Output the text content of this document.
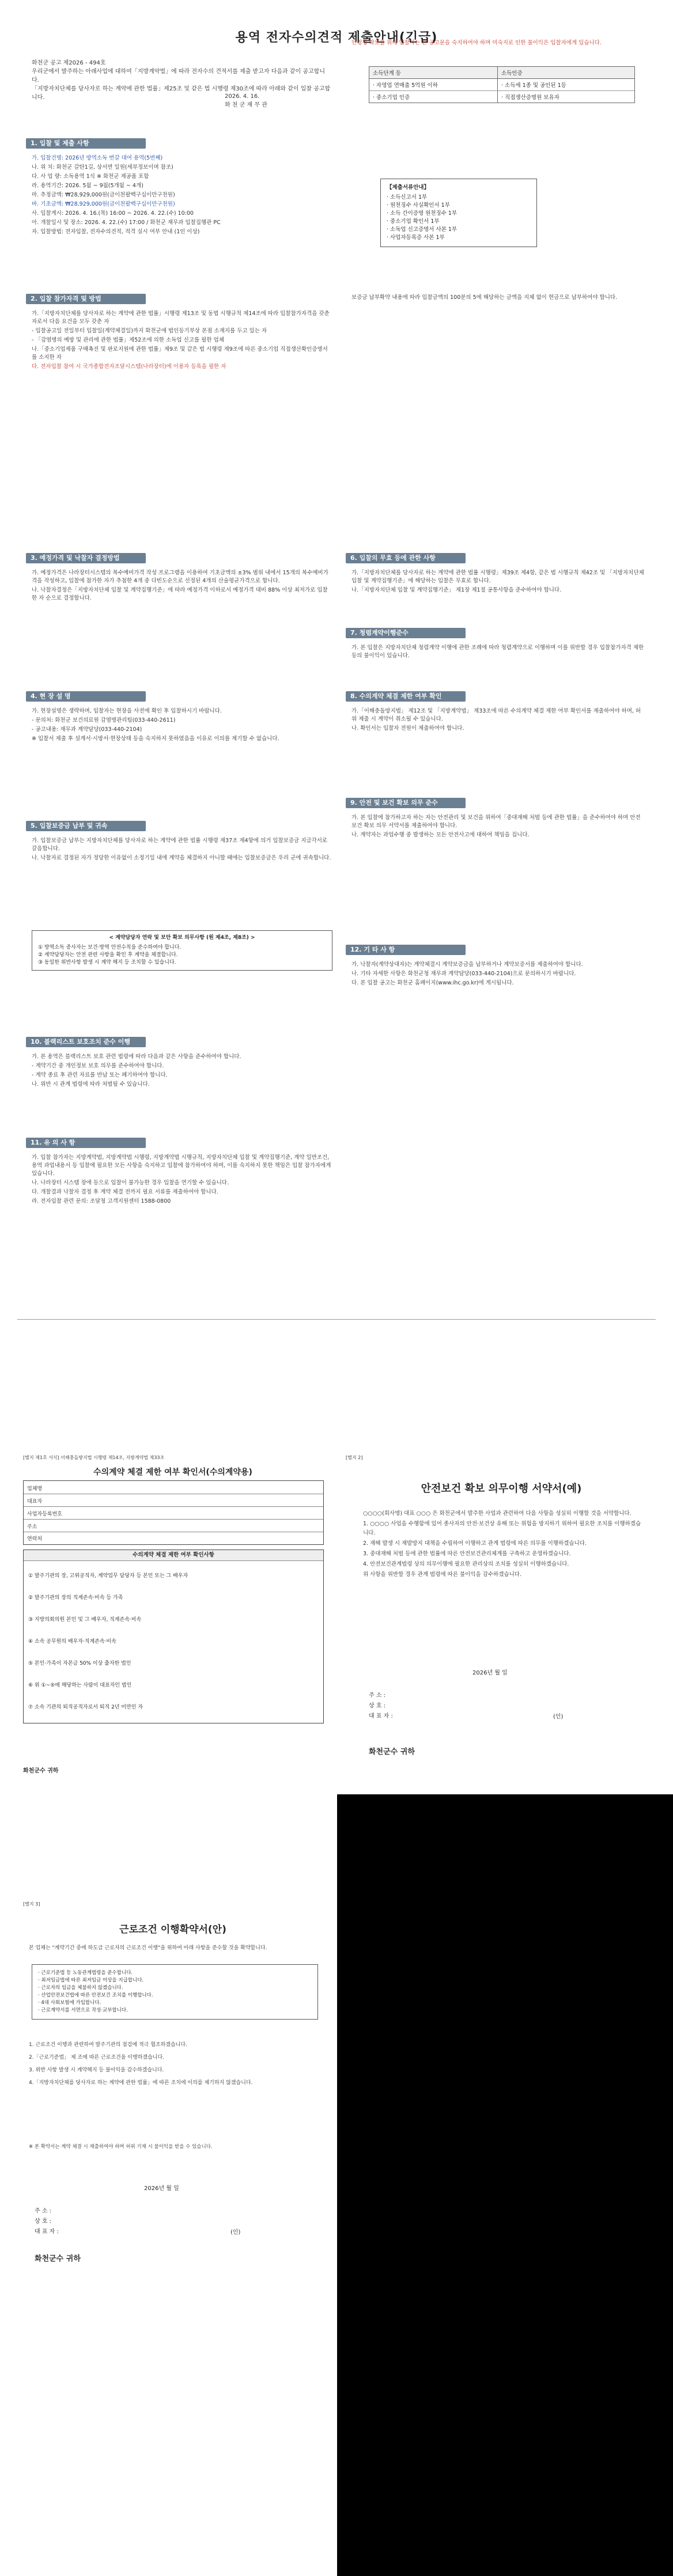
용역 전자수의견적 제출안내(긴급)
화천군 공고 제2026 - 494호
우리군에서 발주하는 아래사업에 대하여「지방계약법」에 따라 전자수의 견적서를 제출 받고자 다음과 같이 공고합니다.
「지방자치단체를 당사자로 하는 계약에 관한 법률」제25조 및 같은 법 시행령 제30조에 따라 아래와 같이 입찰 공고합니다.	2026. 4. 16.
화 천 군 재 무 관
1. 입찰 및 제출 사항

가. 입찰건명: 2026년 방역소독 번갈 대여 용역(5번째)

나. 위 치: 화천군 갈탄1길, 상서면 일원(세부정보이며 참조)

다. 사 업 량: 소독용역 1식 ※ 화천군 제공품 포함

라. 용역기간: 2026. 5월 ~ 9월(5개월 ~ 4개)

마. 추정금액: ₩28,929,000원(금이천팔백구십이만구천원)

바. 기초금액: ₩28,929,000원(금이천팔백구십이만구천원)

사. 입찰게시: 2026. 4. 16.(목) 16:00 ~ 2026. 4. 22.(수) 10:00

아. 개찰일시 및 장소: 2026. 4. 22.(수) 17:00 / 화천군 재무과 입찰집행관 PC

자. 입찰방법: 전자입찰, 전자수의견적, 적격 실시 여부 안내 (1인 이상)

2. 입찰 참가자격 및 방법

가.「지방자치단체를 당사자로 하는 계약에 관한 법률」시행령 제13조 및 동법 시행규칙 제14조에 따라 입찰참가자격을 갖춘 자로서 다음 요건을 모두 갖춘 자

- 입찰공고일 전일부터 입찰일(계약체결일)까지 화천군에 법인등기부상 본점 소재지를 두고 있는 자

- 「감염병의 예방 및 관리에 관한 법률」제52조에 의한 소독업 신고를 필한 업체

나.「중소기업제품 구매촉진 및 판로지원에 관한 법률」제9조 및 같은 법 시행령 제9조에 따른 중소기업 직접생산확인증명서를 소지한 자

다. 전자입찰 참여 시 국가종합전자조달시스템(나라장터)에 이용자 등록을 필한 자

안정성 확보를 위해 입찰자는 본 공고문을 숙지하여야 하며 미숙지로 인한 불이익은 입찰자에게 있습니다.

소득단계 등	소득인증
· 자영업 연매출 5억원 이하	· 소득세 1종 및 공인된 1등
· 중소기업 인증	· 직접생산증명원 보유자
【제출서류안내】
· 소득신고서 1부
· 원천징수 사실확인서 1부
· 소득 간이증명 원천징수 1부
· 중소기업 확인서 1부
· 소독업 신고증명서 사본 1부
· 사업자등록증 사본 1부

보증금 납부확약 내용에 따라 입찰금액의 100분의 5에 해당하는 금액을 지체 없이 현금으로 납부하여야 합니다.

3. 예정가격 및 낙찰자 결정방법

가. 예정가격은 나라장터시스템의 복수예비가격 작성 프로그램을 이용하여 기초금액의 ±3% 범위 내에서 15개의 복수예비가격을 작성하고, 입찰에 참가한 자가 추첨한 4개 중 다빈도순으로 선정된 4개의 산술평균가격으로 합니다.

나. 낙찰자결정은「지방자치단체 입찰 및 계약집행기준」에 따라 예정가격 이하로서 예정가격 대비 88% 이상 최저가로 입찰한 자 순으로 결정합니다.

4. 현 장 설 명

가. 현장설명은 생략하며, 입찰자는 현장을 사전에 확인 후 입찰하시기 바랍니다.

- 문의처: 화천군 보건의료원 감염병관리팀(033-440-2611)

- 공고내용: 재무과 계약담당(033-440-2104)

※ 입찰서 제출 후 설계서·시방서·현장상태 등을 숙지하지 못하였음을 이유로 이의를 제기할 수 없습니다.

5. 입찰보증금 납부 및 귀속

가. 입찰보증금 납부는 지방자치단체를 당사자로 하는 계약에 관한 법률 시행령 제37조 제4항에 의거 입찰보증금 지급각서로 갈음합니다.

나. 낙찰자로 결정된 자가 정당한 이유없이 소정기일 내에 계약을 체결하지 아니할 때에는 입찰보증금은 우리 군에 귀속합니다.

< 계약담당자 연락 및 보안 확보 의무사항 (원 제4조, 제8조) >
① 방역소독 종사자는 보건·방역 안전수칙을 준수하여야 합니다.
② 계약담당자는 안전 관련 사항을 확인 후 계약을 체결합니다.
③ 동일한 위반사항 발생 시 계약 해지 등 조치할 수 있습니다.
10. 블랙리스트 보호조치 준수 이행

가. 본 용역은 블랙리스트 보호 관련 법령에 따라 다음과 같은 사항을 준수하여야 합니다.

- 계약기간 중 개인정보 보호 의무를 준수하여야 합니다.

- 계약 종료 후 관련 자료를 반납 또는 폐기하여야 합니다.

나. 위반 시 관계 법령에 따라 처벌될 수 있습니다.

11. 유 의 사 항

가. 입찰 참가자는 지방계약법, 지방계약법 시행령, 지방계약법 시행규칙, 지방자치단체 입찰 및 계약집행기준, 계약 일반조건, 용역 과업내용서 등 입찰에 필요한 모든 사항을 숙지하고 입찰에 참가하여야 하며, 이를 숙지하지 못한 책임은 입찰 참가자에게 있습니다.

나. 나라장터 시스템 장애 등으로 입찰이 불가능한 경우 입찰을 연기할 수 있습니다.

다. 개찰결과 낙찰자 결정 후 계약 체결 전까지 필요 서류를 제출하여야 합니다.

라. 전자입찰 관련 문의: 조달청 고객지원센터 1588-0800

6. 입찰의 무효 등에 관한 사항

가.「지방자치단체를 당사자로 하는 계약에 관한 법률 시행령」제39조 제4항, 같은 법 시행규칙 제42조 및 「지방자치단체 입찰 및 계약집행기준」에 해당하는 입찰은 무효로 합니다.

나.「지방자치단체 입찰 및 계약집행기준」 제1장 제1절 공통사항을 준수하여야 합니다.

7. 청렴계약이행준수

가. 본 입찰은 지방자치단체 청렴계약 이행에 관한 조례에 따라 청렴계약으로 이행하며 이를 위반할 경우 입찰참가자격 제한 등의 불이익이 있습니다.

8. 수의계약 체결 제한 여부 확인

가.「이해충돌방지법」 제12조 및 「지방계약법」 제33조에 따른 수의계약 체결 제한 여부 확인서를 제출하여야 하며, 허위 제출 시 계약이 취소될 수 있습니다.

나. 확인서는 입찰자 전원이 제출하여야 합니다.

9. 안전 및 보건 확보 의무 준수

가. 본 입찰에 참가하고자 하는 자는 안전관리 및 보건을 위하여「중대재해 처벌 등에 관한 법률」을 준수하여야 하며 안전보건 확보 의무 서약서를 제출하여야 합니다.

나. 계약자는 과업수행 중 발생하는 모든 안전사고에 대하여 책임을 집니다.

12. 기 타 사 항

가. 낙찰자(계약상대자)는 계약체결시 계약보증금을 납부하거나 계약보증서를 제출하여야 합니다.

나. 기타 자세한 사항은 화천군청 재무과 계약담당(033-440-2104)으로 문의하시기 바랍니다.

다. 본 입찰 공고는 화천군 홈페이지(www.ihc.go.kr)에 게시됩니다.

[별지 제1호 서식] 이해충돌방지법 시행령 제14조, 지방계약법 제33조
수의계약 체결 제한 여부 확인서(수의계약용)
업체명
대표자
사업자등록번호
주소
연락처
수의계약 체결 제한 여부 확인사항
① 발주기관의 장, 고위공직자, 계약업무 담당자 등 본인 또는 그 배우자
② 발주기관의 장의 직계존속·비속 등 가족
③ 지방의회의원 본인 및 그 배우자, 직계존속·비속
④ 소속 공무원의 배우자·직계존속·비속
⑤ 본인·가족이 자본금 50% 이상 출자한 법인
⑥ 위 ①~⑤에 해당하는 사람이 대표자인 법인
⑦ 소속 기관의 퇴직공직자로서 퇴직 2년 미만인 자
화천군수 귀하
[별지 2]
안전보건 확보 의무이행 서약서(예)

○○○○(회사명) 대표 ○○○ 은 화천군에서 발주한 사업과 관련하여 다음 사항을 성실히 이행할 것을 서약합니다.

1. ○○○○ 사업을 수행함에 있어 종사자의 안전·보건상 유해 또는 위험을 방지하기 위하여 필요한 조치를 이행하겠습니다.

2. 재해 발생 시 재발방지 대책을 수립하여 이행하고 관계 법령에 따른 의무를 이행하겠습니다.

3. 중대재해 처벌 등에 관한 법률에 따른 안전보건관리체계를 구축하고 운영하겠습니다.

4. 안전보건관계법령 상의 의무이행에 필요한 관리상의 조치를 성실히 이행하겠습니다.

위 사항을 위반할 경우 관계 법령에 따른 불이익을 감수하겠습니다.

2026년 월 일
주 소 :
상 호 :
대 표 자 :	(인)
화천군수 귀하
[별지 3]
근로조건 이행확약서(안)
본 업체는 "계약기간 중에 하도급 근로자의 근로조건 이행"을 위하여 아래 사항을 준수할 것을 확약합니다.
· 근로기준법 등 노동관계법령을 준수합니다.
· 최저임금법에 따른 최저임금 이상을 지급합니다.
· 근로자의 임금을 체불하지 않겠습니다.
· 산업안전보건법에 따른 안전보건 조치를 이행합니다.
· 4대 사회보험에 가입합니다.
· 근로계약서를 서면으로 작성·교부합니다.

1. 근로조건 이행과 관련하여 발주기관의 점검에 적극 협조하겠습니다.

2.「근로기준법」 제 조에 따른 근로조건을 이행하겠습니다.

3. 위반 사항 발생 시 계약해지 등 불이익을 감수하겠습니다.

4.「지방자치단체를 당사자로 하는 계약에 관한 법률」에 따른 조치에 이의를 제기하지 않겠습니다.

※ 본 확약서는 계약 체결 시 제출하여야 하며 허위 기재 시 불이익을 받을 수 있습니다.
2026년 월 일
주 소 :
상 호 :
대 표 자 :	(인)
화천군수 귀하
